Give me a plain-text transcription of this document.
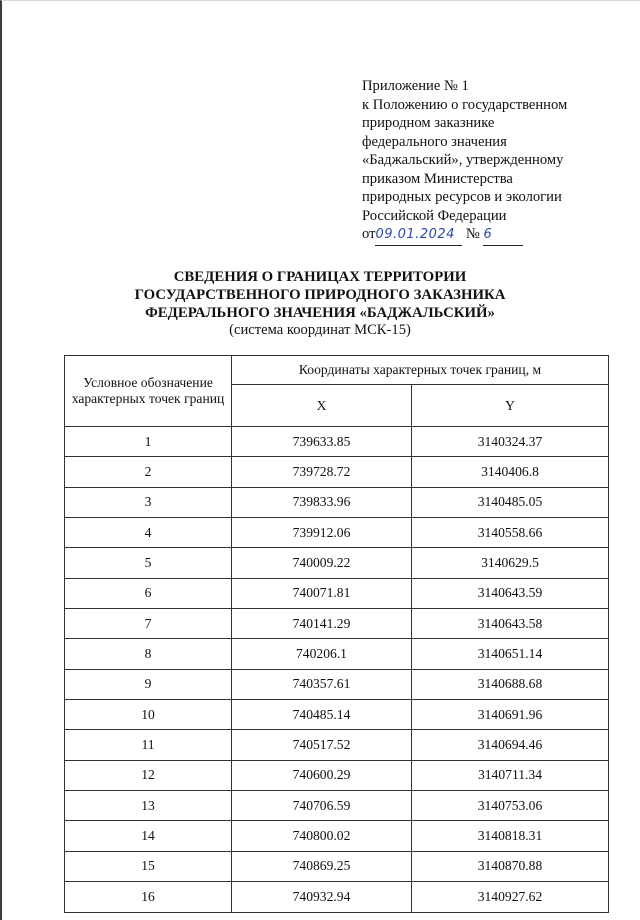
Приложение № 1
к Положению о государственном
природном заказнике
федерального значения
«Баджальский», утвержденному
приказом Министерства
природных ресурсов и экологии
Российской Федерации
от09.01.2024 № 6
СВЕДЕНИЯ О ГРАНИЦАХ ТЕРРИТОРИИ
ГОСУДАРСТВЕННОГО ПРИРОДНОГО ЗАКАЗНИКА
ФЕДЕРАЛЬНОГО ЗНАЧЕНИЯ «БАДЖАЛЬСКИЙ»
(система координат МСК-15)
Условное обозначение характерных точек границ	Координаты характерных точек границ, м	
	X	Y
1	739633.85	3140324.37
2	739728.72	3140406.8
3	739833.96	3140485.05
4	739912.06	3140558.66
5	740009.22	3140629.5
6	740071.81	3140643.59
7	740141.29	3140643.58
8	740206.1	3140651.14
9	740357.61	3140688.68
10	740485.14	3140691.96
11	740517.52	3140694.46
12	740600.29	3140711.34
13	740706.59	3140753.06
14	740800.02	3140818.31
15	740869.25	3140870.88
16	740932.94	3140927.62
